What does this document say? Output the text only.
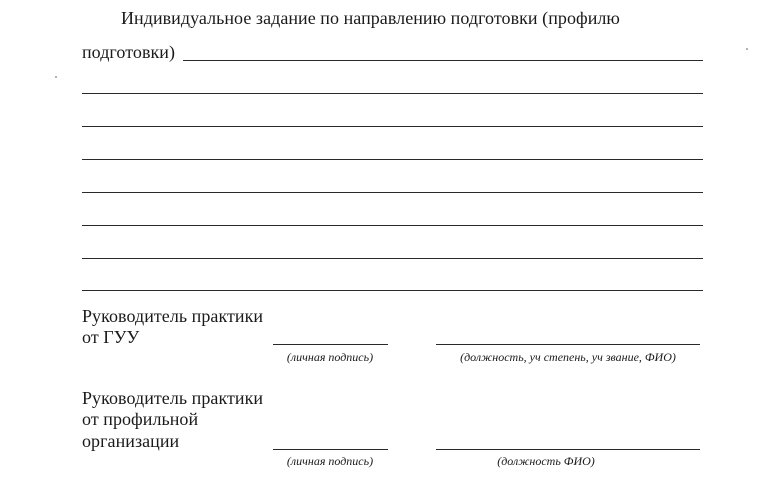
Индивидуальное задание по направлению подготовки (профилю
подготовки)
Руководитель практики
от ГУУ
(личная подпись)	(должность, уч степень, уч звание, ФИО)
Руководитель практики
от профильной
организации
(личная подпись)	(должность ФИО)
